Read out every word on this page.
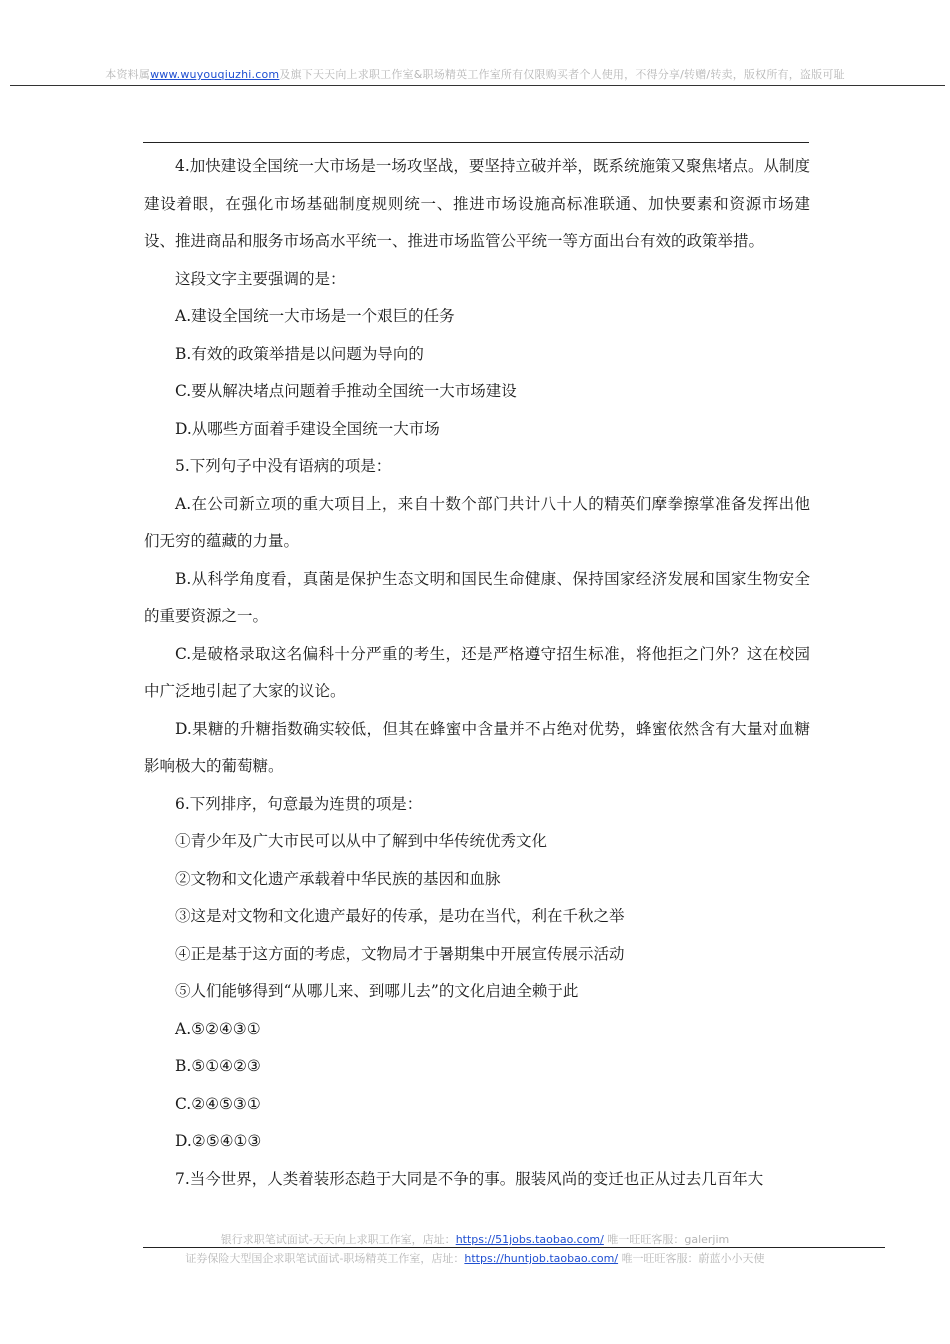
本资料属www.wuyouqiuzhi.com及旗下天天向上求职工作室&职场精英工作室所有仅限购买者个人使用，不得分享/转赠/转卖，版权所有，盗版可耻

4.加快建设全国统一大市场是一场攻坚战，要坚持立破并举，既系统施策又聚焦堵点。从制度建设着眼，在强化市场基础制度规则统一、推进市场设施高标准联通、加快要素和资源市场建设、推进商品和服务市场高水平统一、推进市场监管公平统一等方面出台有效的政策举措。

这段文字主要强调的是：

A.建设全国统一大市场是一个艰巨的任务

B.有效的政策举措是以问题为导向的

C.要从解决堵点问题着手推动全国统一大市场建设

D.从哪些方面着手建设全国统一大市场

5.下列句子中没有语病的项是：

A.在公司新立项的重大项目上，来自十数个部门共计八十人的精英们摩拳擦掌准备发挥出他们无穷的蕴藏的力量。

B.从科学角度看，真菌是保护生态文明和国民生命健康、保持国家经济发展和国家生物安全的重要资源之一。

C.是破格录取这名偏科十分严重的考生，还是严格遵守招生标准，将他拒之门外？这在校园中广泛地引起了大家的议论。

D.果糖的升糖指数确实较低，但其在蜂蜜中含量并不占绝对优势，蜂蜜依然含有大量对血糖影响极大的葡萄糖。

6.下列排序，句意最为连贯的项是：

①青少年及广大市民可以从中了解到中华传统优秀文化

②文物和文化遗产承载着中华民族的基因和血脉

③这是对文物和文化遗产最好的传承，是功在当代，利在千秋之举

④正是基于这方面的考虑，文物局才于暑期集中开展宣传展示活动

⑤人们能够得到“从哪儿来、到哪儿去”的文化启迪全赖于此

A.⑤②④③①

B.⑤①④②③

C.②④⑤③①

D.②⑤④①③

7.当今世界，人类着装形态趋于大同是不争的事。服装风尚的变迁也正从过去几百年大

银行求职笔试面试-天天向上求职工作室，店址：https://51jobs.taobao.com/ 唯一旺旺客服：galerjim
证券保险大型国企求职笔试面试-职场精英工作室，店址：https://huntjob.taobao.com/ 唯一旺旺客服：蔚蓝小小天使
